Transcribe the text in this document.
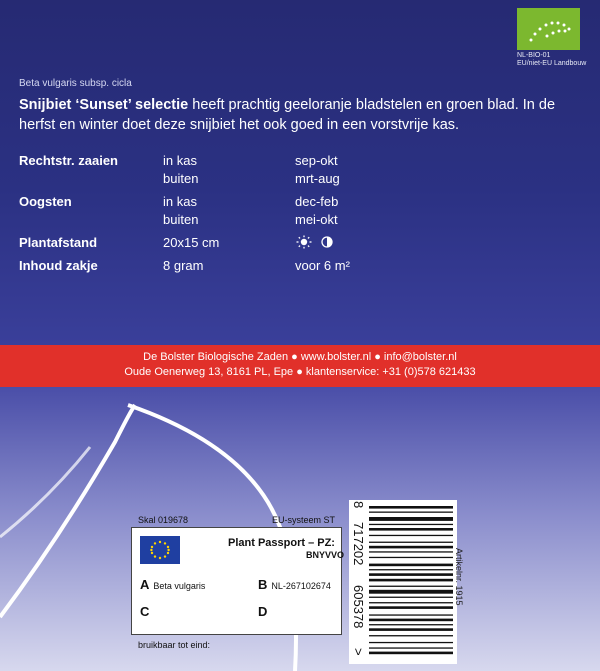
NL-BIO-01
EU/niet-EU Landbouw
Beta vulgaris subsp. cicla
Snijbiet ‘Sunset’ selectie heeft prachtig geeloranje bladstelen en groen blad. In de herfst en winter doet deze snijbiet het ook goed in een vorstvrije kas.
Rechtstr. zaaien	in kas	sep-okt
	buiten	mrt-aug
Oogsten	in kas	dec-feb
	buiten	mei-okt
Plantafstand	20x15 cm	

Inhoud zakje	8 gram	voor 6 m²
De Bolster Biologische Zaden ● www.bolster.nl ● info@bolster.nl
Oude Oenerweg 13, 8161 PL, Epe ● klantenservice: +31 (0)578 621433
Skal 019678	EU-systeem ST
Plant Passport – PZ:
BNYVVO
A Beta vulgaris	B NL-267102674
C	D
bruikbaar tot eind:
8
717202
605378
>
Artikelnr. 1915
